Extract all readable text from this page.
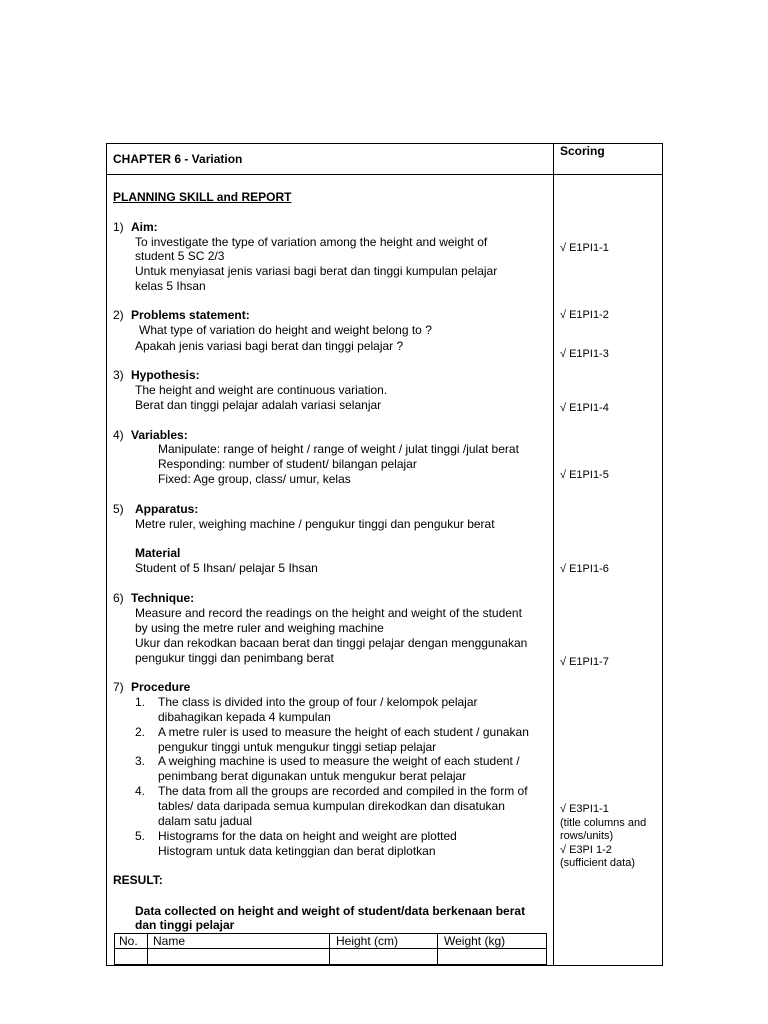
CHAPTER 6 - Variation
Scoring
PLANNING SKILL and REPORT
1) Aim:
To investigate the type of variation among the height and weight of
student 5 SC 2/3
Untuk menyiasat jenis variasi bagi berat dan tinggi kumpulan pelajar
kelas 5 Ihsan
2) Problems statement:
What type of variation do height and weight belong to ?
Apakah jenis variasi bagi berat dan tinggi pelajar ?
3) Hypothesis:
The height and weight are continuous variation.
Berat dan tinggi pelajar adalah variasi selanjar
4) Variables:
Manipulate: range of height / range of weight / julat tinggi /julat berat
Responding: number of student/ bilangan pelajar
Fixed: Age group, class/ umur, kelas
5) Apparatus:
Metre ruler, weighing machine / pengukur tinggi dan pengukur berat
Material
Student of 5 Ihsan/ pelajar 5 Ihsan
6) Technique:
Measure and record the readings on the height and weight of the student
by using the metre ruler and weighing machine
Ukur dan rekodkan bacaan berat dan tinggi pelajar dengan menggunakan
pengukur tinggi dan penimbang berat
7) Procedure
1. The class is divided into the group of four / kelompok pelajar
dibahagikan kepada 4 kumpulan
2. A metre ruler is used to measure the height of each student / gunakan
pengukur tinggi untuk mengukur tinggi setiap pelajar
3. A weighing machine is used to measure the weight of each student /
penimbang berat digunakan untuk mengukur berat pelajar
4. The data from all the groups are recorded and compiled in the form of
tables/ data daripada semua kumpulan direkodkan dan disatukan
dalam satu jadual
5. Histograms for the data on height and weight are plotted
Histogram untuk data ketinggian dan berat diplotkan
RESULT:
Data collected on height and weight of student/data berkenaan berat
dan tinggi pelajar
No. Name	Height (cm)	Weight (kg)
√ E1PI1-1
√ E1PI1-2
√ E1PI1-3
√ E1PI1-4
√ E1PI1-5
√ E1PI1-6
√ E1PI1-7
√ E3PI1-1
(title columns and
rows/units)
√ E3PI 1-2
(sufficient data)
